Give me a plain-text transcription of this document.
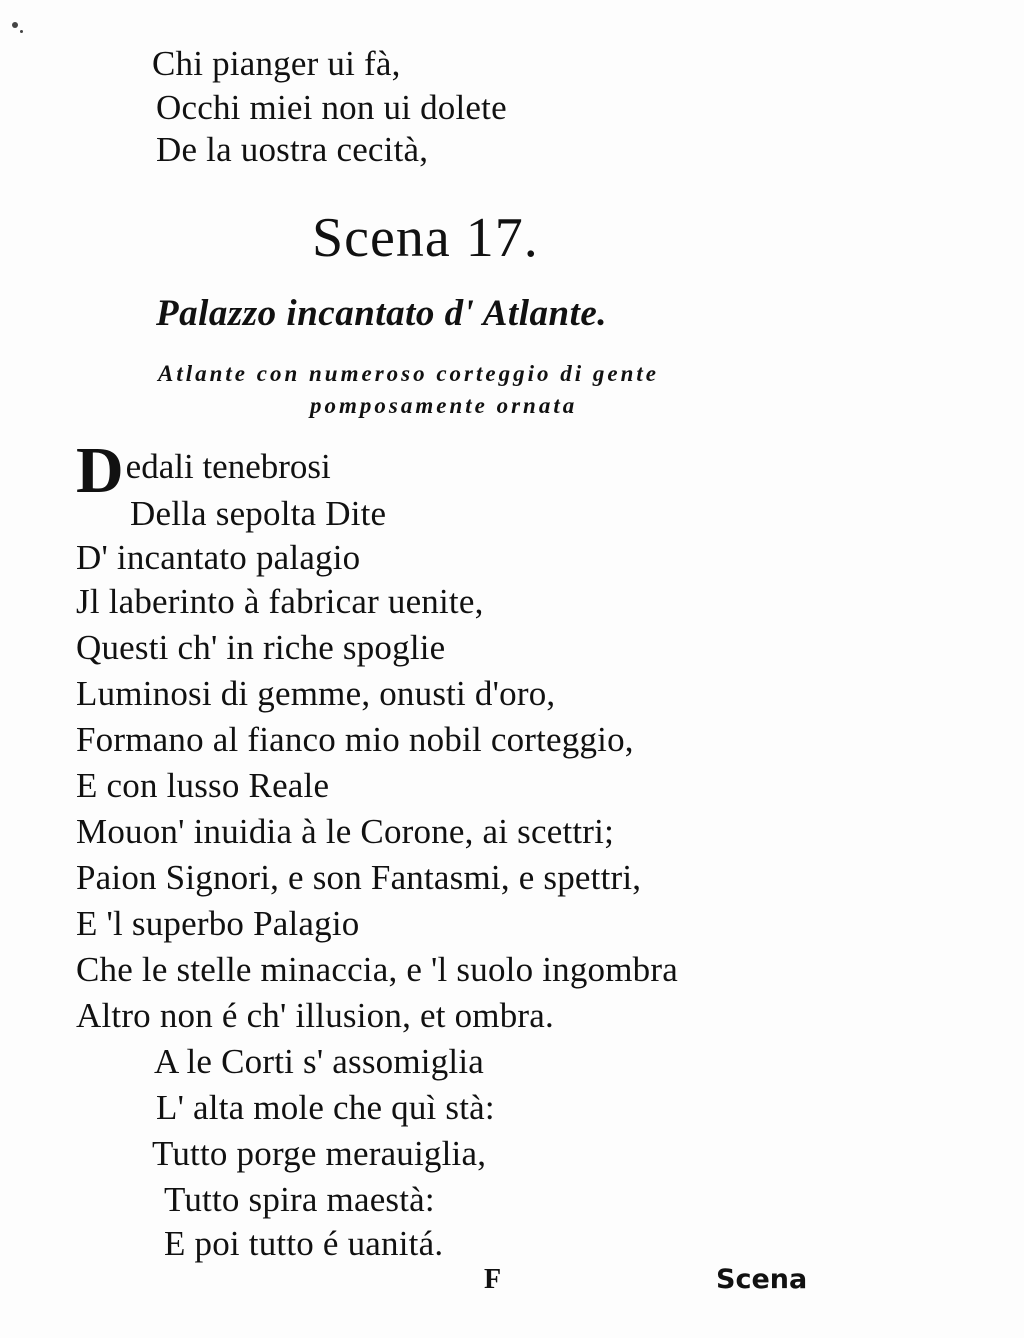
Chi pianger ui fà,
Occhi miei non ui dolete
De la uostra cecità,
Scena 17.
Palazzo incantato d' Atlante.
Atlante con numeroso corteggio di gente
pomposamente ornata
Dedali tenebrosi
Della sepolta Dite
D' incantato palagio
Jl laberinto à fabricar uenite,
Questi ch' in riche spoglie
Luminosi di gemme, onusti d'oro,
Formano al fianco mio nobil corteggio,
E con lusso Reale
Mouon' inuidia à le Corone, ai scettri;
Paion Signori, e son Fantasmi, e spettri,
E 'l superbo Palagio
Che le stelle minaccia, e 'l suolo ingombra
Altro non é ch' illusion, et ombra.
A le Corti s' assomiglia
L' alta mole che quì stà:
Tutto porge merauiglia,
Tutto spira maestà:
E poi tutto é uanitá.
F	Scena
